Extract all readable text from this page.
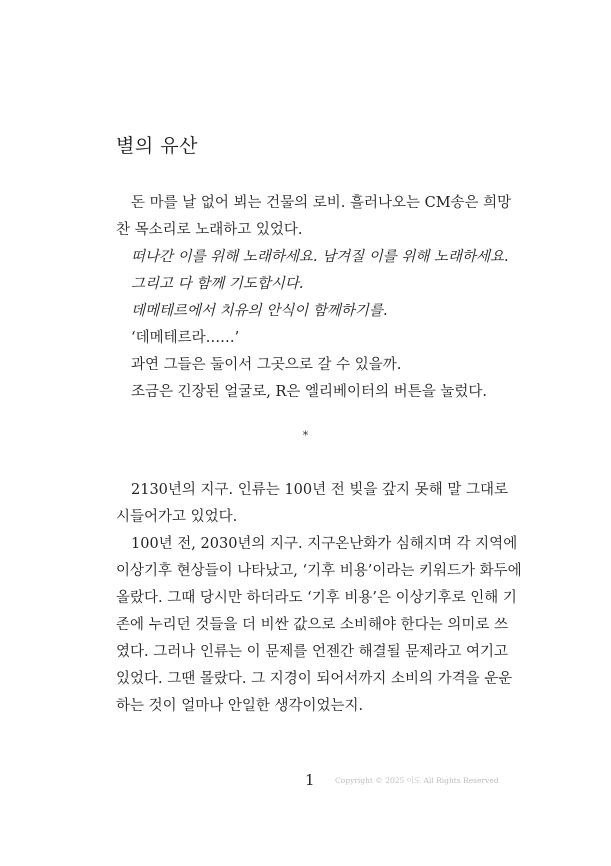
별의 유산
돈 마를 날 없어 뵈는 건물의 로비. 흘러나오는 CM송은 희망
찬 목소리로 노래하고 있었다.
떠나간 이를 위해 노래하세요. 남겨질 이를 위해 노래하세요.
그리고 다 함께 기도합시다.
데메테르에서 치유의 안식이 함께하기를.
‘데메테르라……’
과연 그들은 둘이서 그곳으로 갈 수 있을까.
조금은 긴장된 얼굴로, R은 엘리베이터의 버튼을 눌렀다.
*
2130년의 지구. 인류는 100년 전 빚을 갚지 못해 말 그대로
시들어가고 있었다.
100년 전, 2030년의 지구. 지구온난화가 심해지며 각 지역에
이상기후 현상들이 나타났고, ‘기후 비용’이라는 키워드가 화두에
올랐다. 그때 당시만 하더라도 ‘기후 비용’은 이상기후로 인해 기
존에 누리던 것들을 더 비싼 값으로 소비해야 한다는 의미로 쓰
였다. 그러나 인류는 이 문제를 언젠간 해결될 문제라고 여기고
있었다. 그땐 몰랐다. 그 지경이 되어서까지 소비의 가격을 운운
하는 것이 얼마나 안일한 생각이었는지.
1	Copyright © 2025 이도 All Rights Reserved
